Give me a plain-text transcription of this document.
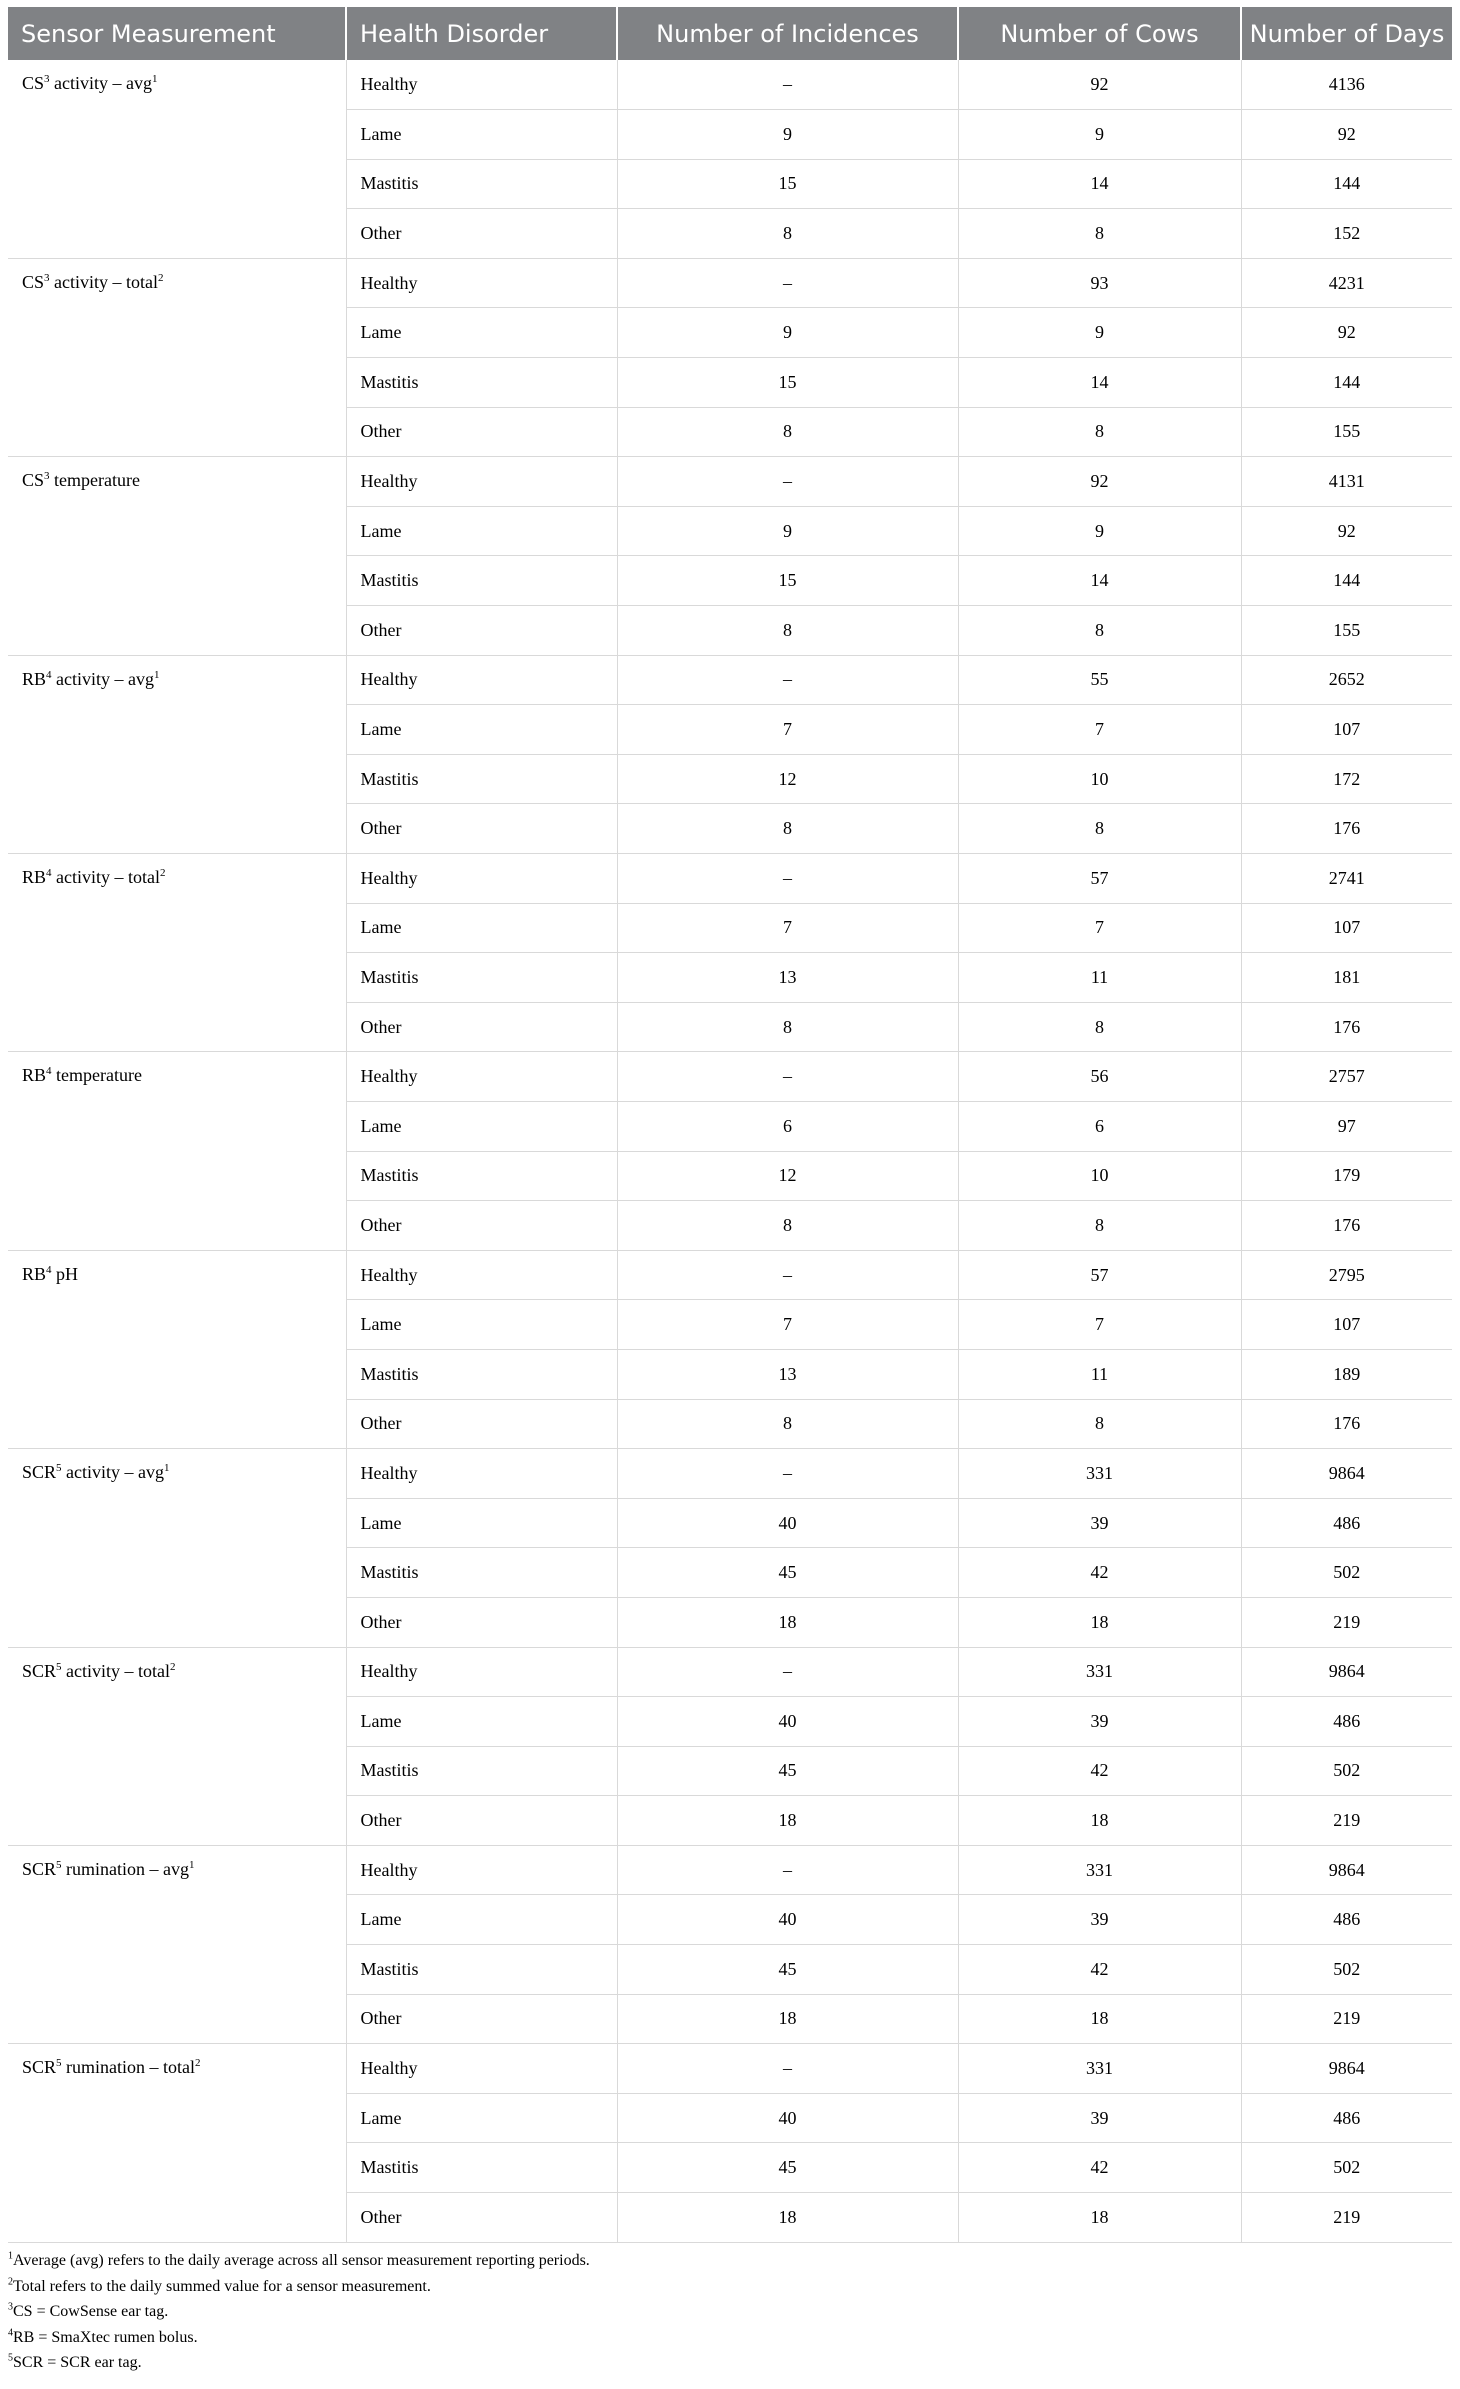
Sensor Measurement	Health Disorder	Number of Incidences	Number of Cows	Number of Days
$CS^3$ activity – avg$^1$	Healthy	–	92	4136
	Lame	9	9	92
	Mastitis	15	14	144
	Other	8	8	152
$CS^3$ activity – total$^2$	Healthy	–	93	4231
	Lame	9	9	92
	Mastitis	15	14	144
	Other	8	8	155
$CS^3$ temperature	Healthy	–	92	4131
	Lame	9	9	92
	Mastitis	15	14	144
	Other	8	8	155
$RB^4$ activity – avg$^1$	Healthy	–	55	2652
	Lame	7	7	107
	Mastitis	12	10	172
	Other	8	8	176
$RB^4$ activity – total$^2$	Healthy	–	57	2741
	Lame	7	7	107
	Mastitis	13	11	181
	Other	8	8	176
$RB^4$ temperature	Healthy	–	56	2757
	Lame	6	6	97
	Mastitis	12	10	179
	Other	8	8	176
$RB^4$ pH	Healthy	–	57	2795
	Lame	7	7	107
	Mastitis	13	11	189
	Other	8	8	176
SCR$^5$ activity – avg$^1$	Healthy	–	331	9864
	Lame	40	39	486
	Mastitis	45	42	502
	Other	18	18	219
SCR$^5$ activity – total$^2$	Healthy	–	331	9864
	Lame	40	39	486
	Mastitis	45	42	502
	Other	18	18	219
SCR$^5$ rumination – avg$^1$	Healthy	–	331	9864
	Lame	40	39	486
	Mastitis	45	42	502
	Other	18	18	219
SCR$^5$ rumination – total$^2$	Healthy	–	331	9864
	Lame	40	39	486
	Mastitis	45	42	502
	Other	18	18	219
$^1$Average (avg) refers to the daily average across all sensor measurement reporting periods.
$^2$Total refers to the daily summed value for a sensor measurement.
$^3$CS = CowSense ear tag.
$^4$RB = SmaXtec rumen bolus.
$^5$SCR = SCR ear tag.
